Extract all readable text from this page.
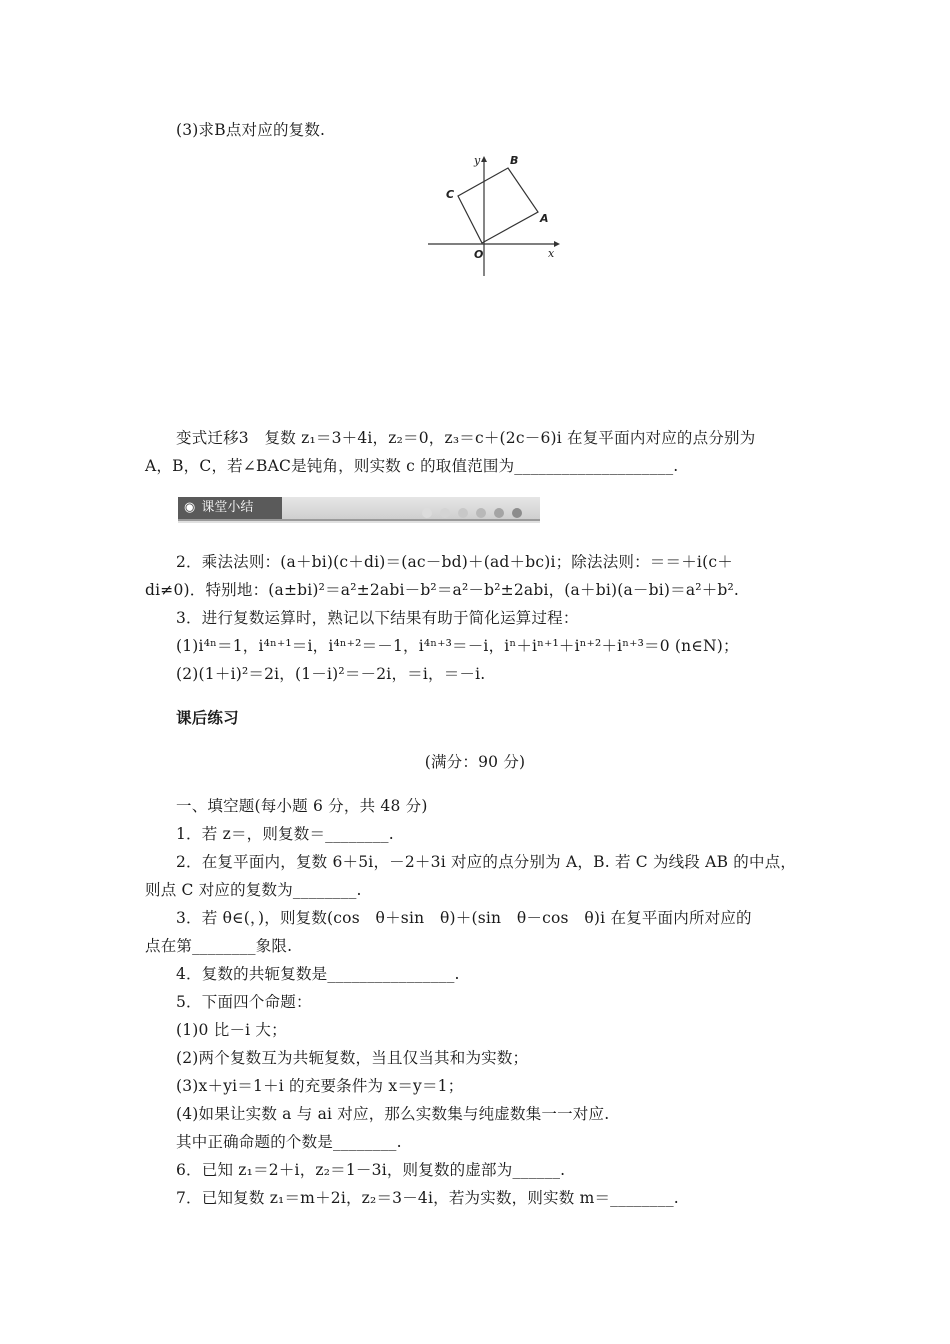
(3)求B点对应的复数.
y	B
C
A
O	x
变式迁移3　复数 z₁＝3＋4i，z₂＝0，z₃＝c＋(2c－6)i 在复平面内对应的点分别为
A，B，C，若∠BAC是钝角，则实数 c 的取值范围为____________________.
◉ 课堂小结
2．乘法法则：(a＋bi)(c＋di)＝(ac－bd)＋(ad＋bc)i；除法法则：＝＝＋i(c＋
di≠0)．特别地：(a±bi)²＝a²±2abi－b²＝a²－b²±2abi，(a＋bi)(a－bi)＝a²＋b².
3．进行复数运算时，熟记以下结果有助于简化运算过程：
(1)i⁴ⁿ＝1，i⁴ⁿ⁺¹＝i，i⁴ⁿ⁺²＝－1，i⁴ⁿ⁺³＝－i，iⁿ＋iⁿ⁺¹＋iⁿ⁺²＋iⁿ⁺³＝0 (n∈N)；
(2)(1＋i)²＝2i，(1－i)²＝－2i，＝i，＝－i.
课后练习
(满分：90 分)
一、填空题(每小题 6 分，共 48 分)
1．若 z＝，则复数＝________.
2．在复平面内，复数 6＋5i，－2＋3i 对应的点分别为 A，B. 若 C 为线段 AB 的中点，
则点 C 对应的复数为________.
3．若 θ∈(，)，则复数(cos　θ＋sin　θ)＋(sin　θ－cos　θ)i 在复平面内所对应的
点在第________象限.
4．复数的共轭复数是________________.
5．下面四个命题：
(1)0 比－i 大；
(2)两个复数互为共轭复数，当且仅当其和为实数；
(3)x＋yi＝1＋i 的充要条件为 x＝y＝1；
(4)如果让实数 a 与 ai 对应，那么实数集与纯虚数集一一对应.
其中正确命题的个数是________.
6．已知 z₁＝2＋i，z₂＝1－3i，则复数的虚部为______.
7．已知复数 z₁＝m＋2i，z₂＝3－4i，若为实数，则实数 m＝________.
